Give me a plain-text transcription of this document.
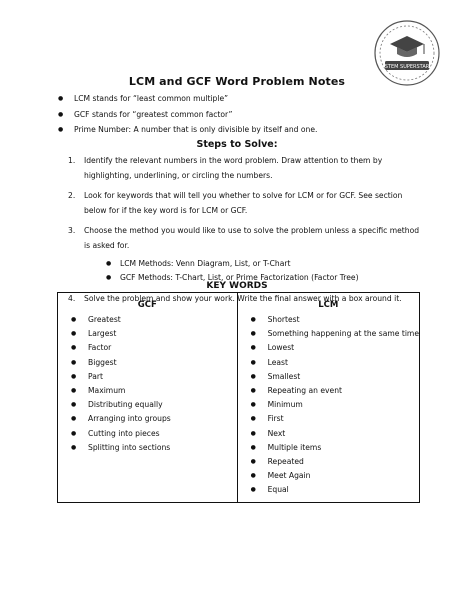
STEM SUPERSTAR
LCM and GCF Word Problem Notes
● LCM stands for “least common multiple”
● GCF stands for “greatest common factor”
● Prime Number: A number that is only divisible by itself and one.
Steps to Solve:
1. Identify the relevant numbers in the word problem. Draw attention to them by highlighting, underlining, or circling the numbers.
2. Look for keywords that will tell you whether to solve for LCM or for GCF. See section below for if the key word is for LCM or GCF.
3. Choose the method you would like to use to solve the problem unless a specific method is asked for.
● LCM Methods: Venn Diagram, List, or T-Chart
● GCF Methods: T-Chart, List, or Prime Factorization (Factor Tree)
4. Solve the problem and show your work. Write the final answer with a box around it.
KEY WORDS
GCF
● Greatest
● Largest
● Factor
● Biggest
● Part
● Maximum
● Distributing equally
● Arranging into groups
● Cutting into pieces
● Splitting into sections
LCM
● Shortest
● Something happening at the same time
● Lowest
● Least
● Smallest
● Repeating an event
● Minimum
● First
● Next
● Multiple items
● Repeated
● Meet Again
● Equal
